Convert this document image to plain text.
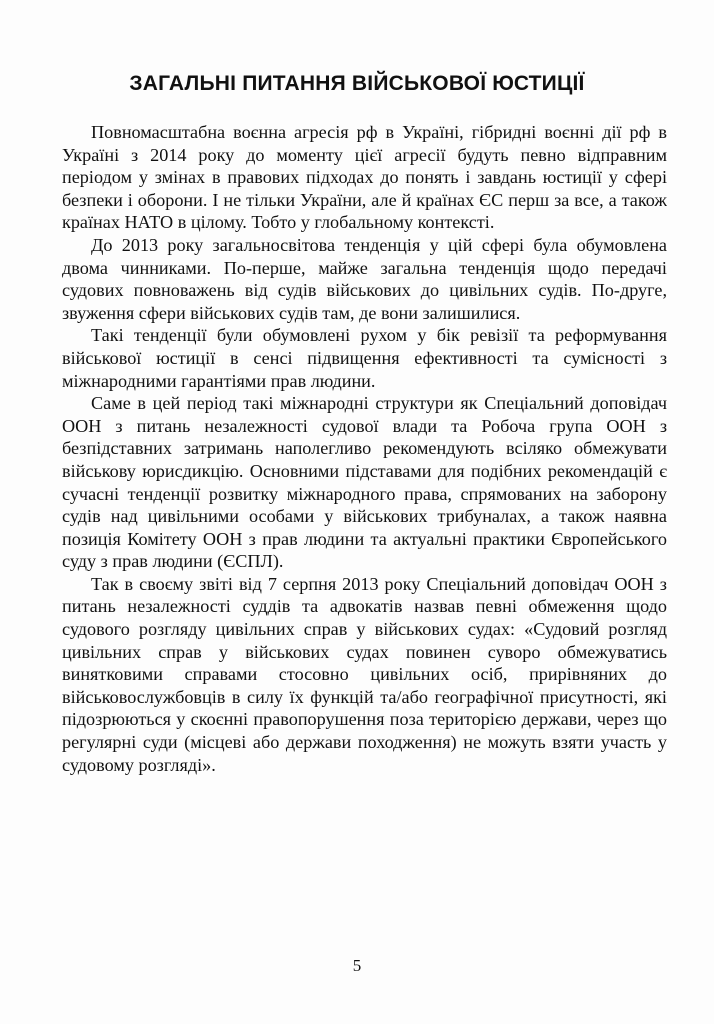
ЗАГАЛЬНІ ПИТАННЯ ВІЙСЬКОВОЇ ЮСТИЦІЇ

Повномасштабна воєнна агресія рф в Україні, гібридні воєнні дії рф в Україні з 2014 року до моменту цієї агресії будуть певно відправним періодом у змінах в правових підходах до понять і завдань юстиції у сфері безпеки і оборони. І не тільки України, але й країнах ЄС перш за все, а також країнах НАТО в цілому. Тобто у глобальному контексті.

До 2013 року загальносвітова тенденція у цій сфері була обумовлена двома чинниками. По-перше, майже загальна тенденція щодо передачі судових повноважень від судів військових до цивільних судів. По-друге, звуження сфери військових судів там, де вони залишилися.

Такі тенденції були обумовлені рухом у бік ревізії та реформування військової юстиції в сенсі підвищення ефективності та сумісності з міжнародними гарантіями прав людини.

Саме в цей період такі міжнародні структури як Спеціальний доповідач ООН з питань незалежності судової влади та Робоча група ООН з безпідставних затримань наполегливо рекомендують всіляко обмежувати військову юрисдикцію. Основними підставами для подібних рекомендацій є сучасні тенденції розвитку міжнародного права, спрямованих на заборону судів над цивільними особами у військових трибуналах, а також наявна позиція Комітету ООН з прав людини та актуальні практики Європейського суду з прав людини (ЄСПЛ).

Так в своєму звіті від 7 серпня 2013 року Спеціальний доповідач ООН з питань незалежності суддів та адвокатів назвав певні обмеження щодо судового розгляду цивільних справ у військових судах: «Судовий розгляд цивільних справ у військових судах повинен суворо обмежуватись винятковими справами стосовно цивільних осіб, прирівняних до військовослужбовців в силу їх функцій та/або географічної присутності, які підозрюються у скоєнні правопорушення поза територією держави, через що регулярні суди (місцеві або держави походження) не можуть взяти участь у судовому розгляді».

5
